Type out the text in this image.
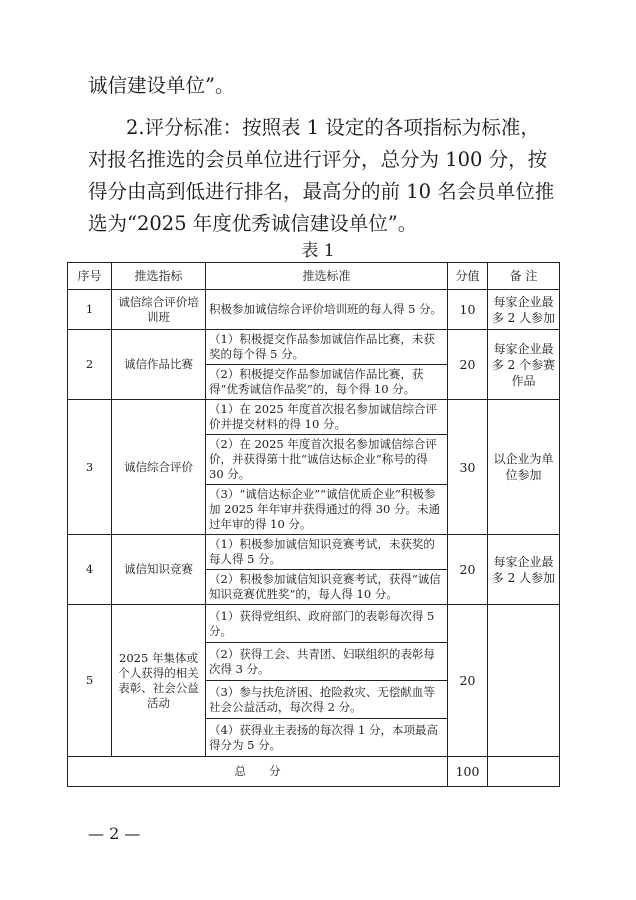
诚信建设单位”。

2.评分标准：按照表 1 设定的各项指标为标准，对报名推选的会员单位进行评分，总分为 100 分，按得分由高到低进行排名，最高分的前 10 名会员单位推选为“2025 年度优秀诚信建设单位”。

表 1
序号	推选指标	推选标准	分值	备 注
1	诚信综合评价培训班	积极参加诚信综合评价培训班的每人得 5 分。	10	每家企业最多 2 人参加
2	诚信作品比赛	（1）积极提交作品参加诚信作品比赛，未获奖的每个得 5 分。	20	每家企业最多 2 个参赛作品
		（2）积极提交作品参加诚信作品比赛，获得“优秀诚信作品奖”的，每个得 10 分。		
3	诚信综合评价	（1）在 2025 年度首次报名参加诚信综合评价并提交材料的得 10 分。	30	以企业为单位参加
		（2）在 2025 年度首次报名参加诚信综合评价，并获得第十批“诚信达标企业”称号的得 30 分。		
		（3）“诚信达标企业”“诚信优质企业”积极参加 2025 年年审并获得通过的得 30 分。未通过年审的得 10 分。		
4	诚信知识竞赛	（1）积极参加诚信知识竞赛考试，未获奖的每人得 5 分。	20	每家企业最多 2 人参加
		（2）积极参加诚信知识竞赛考试，获得“诚信知识竞赛优胜奖”的，每人得 10 分。		
5	2025 年集体或个人获得的相关表彰、社会公益活动	（1）获得党组织、政府部门的表彰每次得 5 分。	20	
		（2）获得工会、共青团、妇联组织的表彰每次得 3 分。		
		（3）参与扶危济困、抢险救灾、无偿献血等社会公益活动，每次得 2 分。		
		（4）获得业主表扬的每次得 1 分，本项最高得分为 5 分。		
总　　分			100	
— 2 —
